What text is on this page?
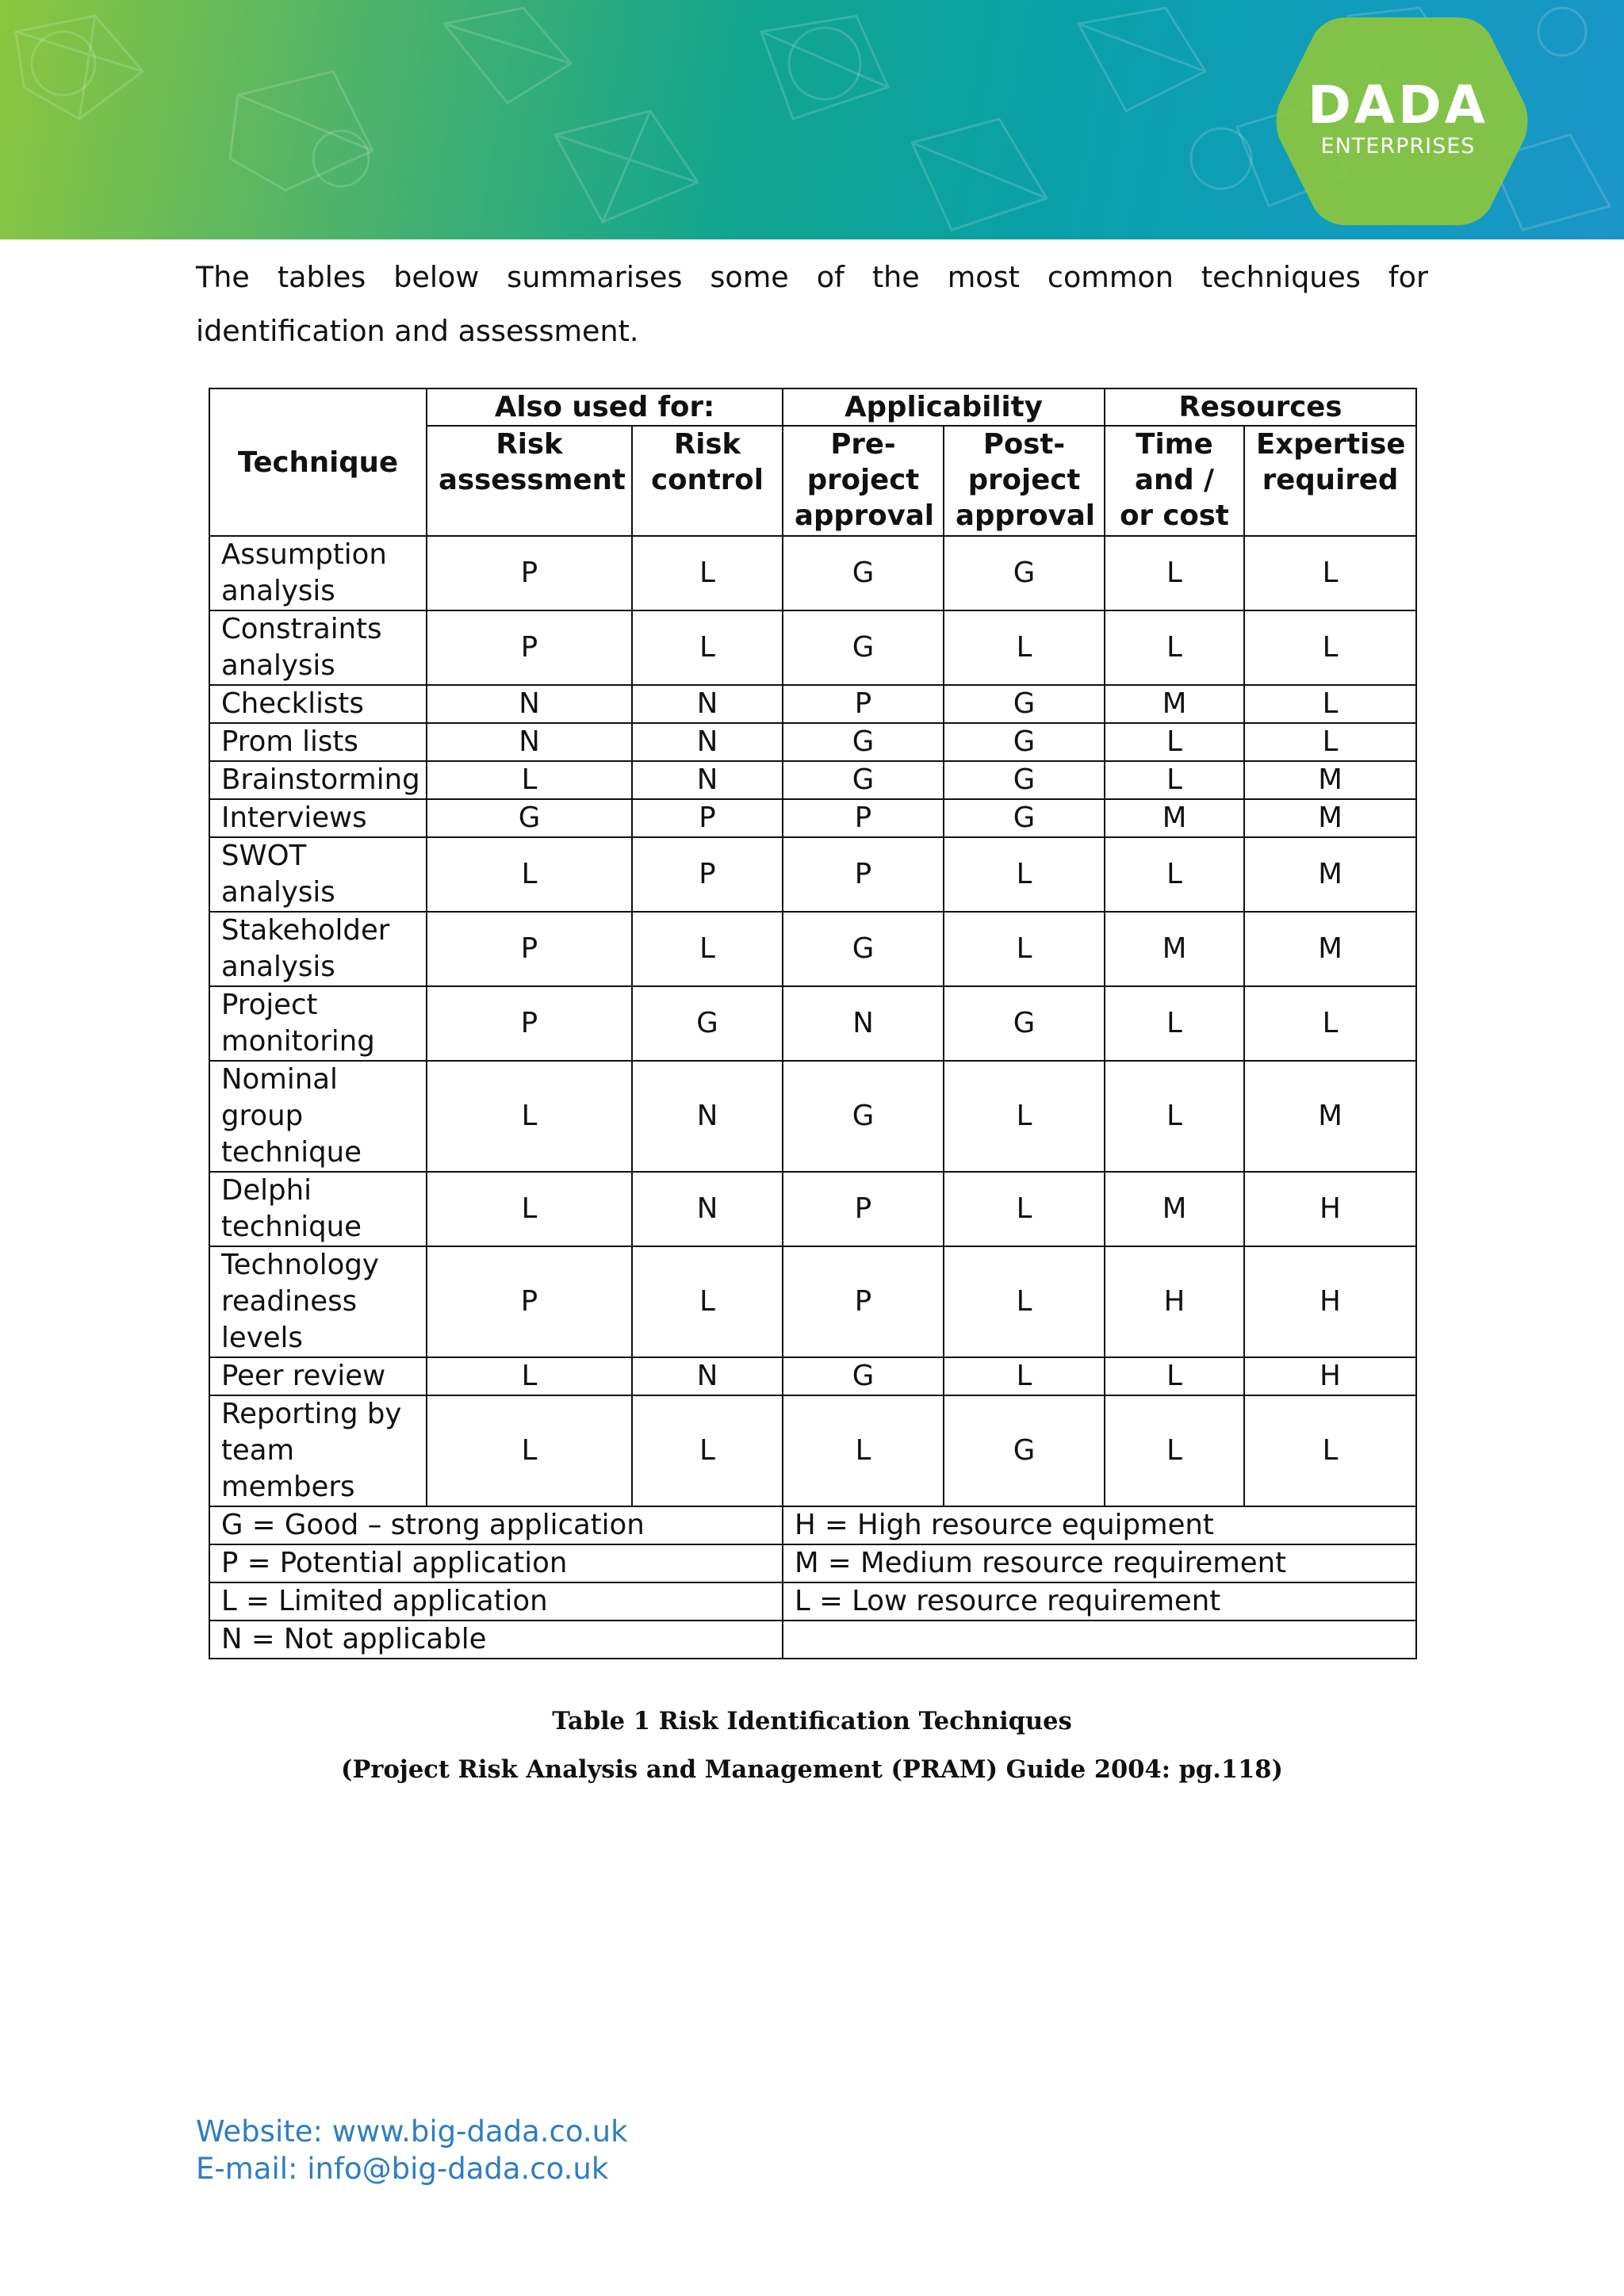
DADA
ENTERPRISES
The tables below summarises some of the most common techniques for identification and assessment.
Technique	Also used for:		Applicability		Resources	
	Risk assessment	Risk control	Pre- project approval	Post- project approval	Time and / or cost	Expertise required
Assumption analysis	P	L	G	G	L	L
Constraints analysis	P	L	G	L	L	L
Checklists	N	N	P	G	M	L
Prom lists	N	N	G	G	L	L
Brainstorming	L	N	G	G	L	M
Interviews	G	P	P	G	M	M
SWOT analysis	L	P	P	L	L	M
Stakeholder analysis	P	L	G	L	M	M
Project monitoring	P	G	N	G	L	L
Nominal group technique	L	N	G	L	L	M
Delphi technique	L	N	P	L	M	H
Technology readiness levels	P	L	P	L	H	H
Peer review	L	N	G	L	L	H
Reporting by team members	L	L	L	G	L	L
G = Good – strong application			H = High resource equipment			
P = Potential application			M = Medium resource requirement			
L = Limited application			L = Low resource requirement			
N = Not applicable						
Table 1 Risk Identification Techniques
(Project Risk Analysis and Management (PRAM) Guide 2004: pg.118)
Website: www.big-dada.co.uk
E-mail: info@big-dada.co.uk
